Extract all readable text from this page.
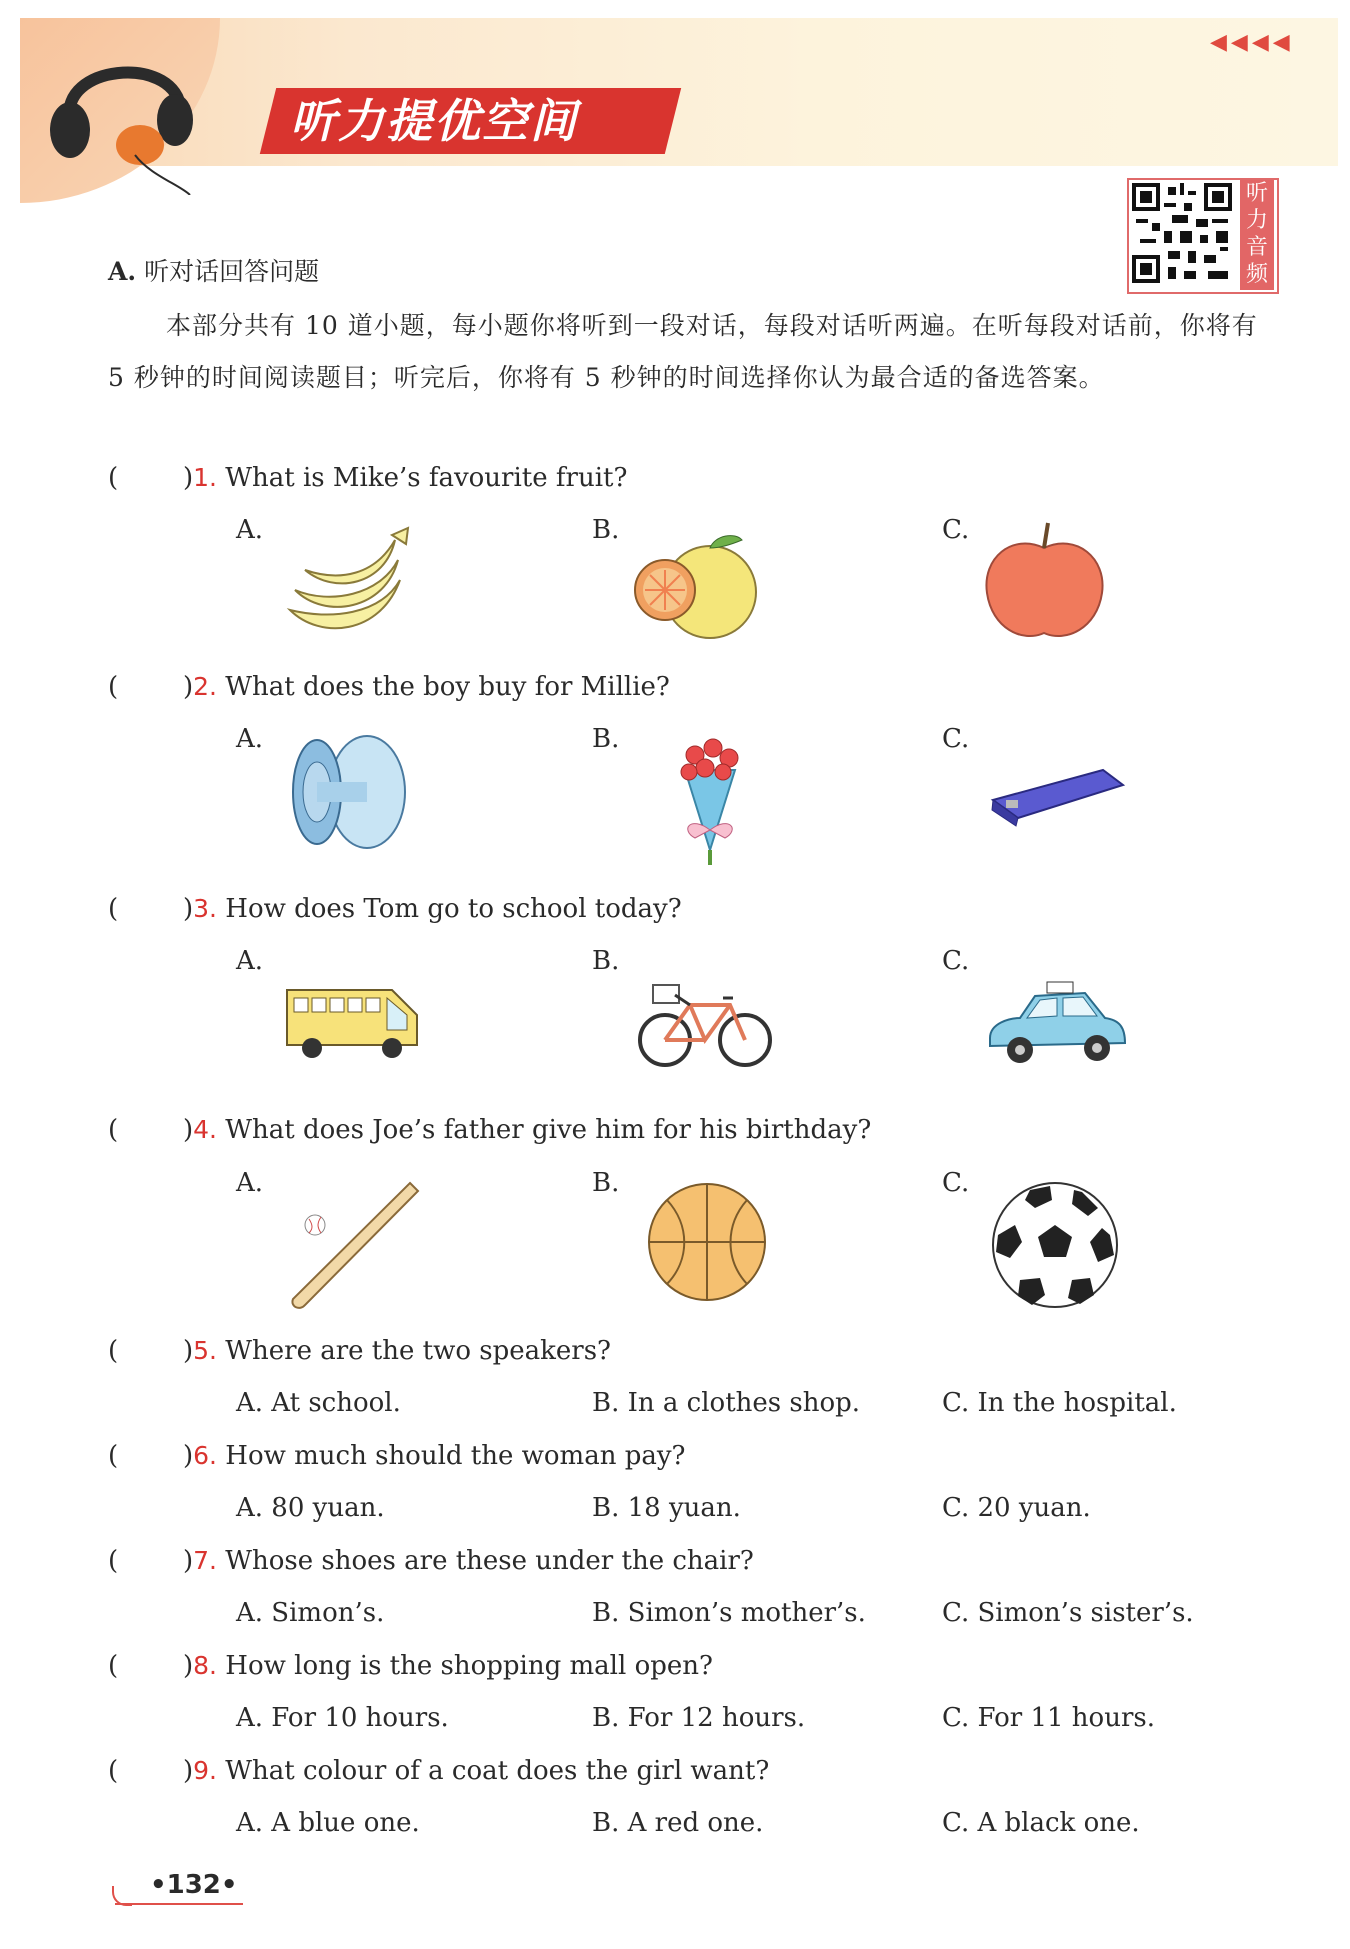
听力提优空间
◀◀◀◀
听力音频
A. 听对话回答问题
本部分共有 10 道小题，每小题你将听到一段对话，每段对话听两遍。在听每段对话前，你将有 5 秒钟的时间阅读题目；听完后，你将有 5 秒钟的时间选择你认为最合适的备选答案。
( )1. What is Mike’s favourite fruit?
A.	B.	C.
( )2. What does the boy buy for Millie?
A.	B.	C.
( )3. How does Tom go to school today?
A.	B.	C.
( )4. What does Joe’s father give him for his birthday?
A.	B.	C.
( )5. Where are the two speakers?
A. At school.	B. In a clothes shop.	C. In the hospital.
( )6. How much should the woman pay?
A. 80 yuan.	B. 18 yuan.	C. 20 yuan.
( )7. Whose shoes are these under the chair?
A. Simon’s.	B. Simon’s mother’s.	C. Simon’s sister’s.
( )8. How long is the shopping mall open?
A. For 10 hours.	B. For 12 hours.	C. For 11 hours.
( )9. What colour of a coat does the girl want?
A. A blue one.	B. A red one.	C. A black one.
•132•
